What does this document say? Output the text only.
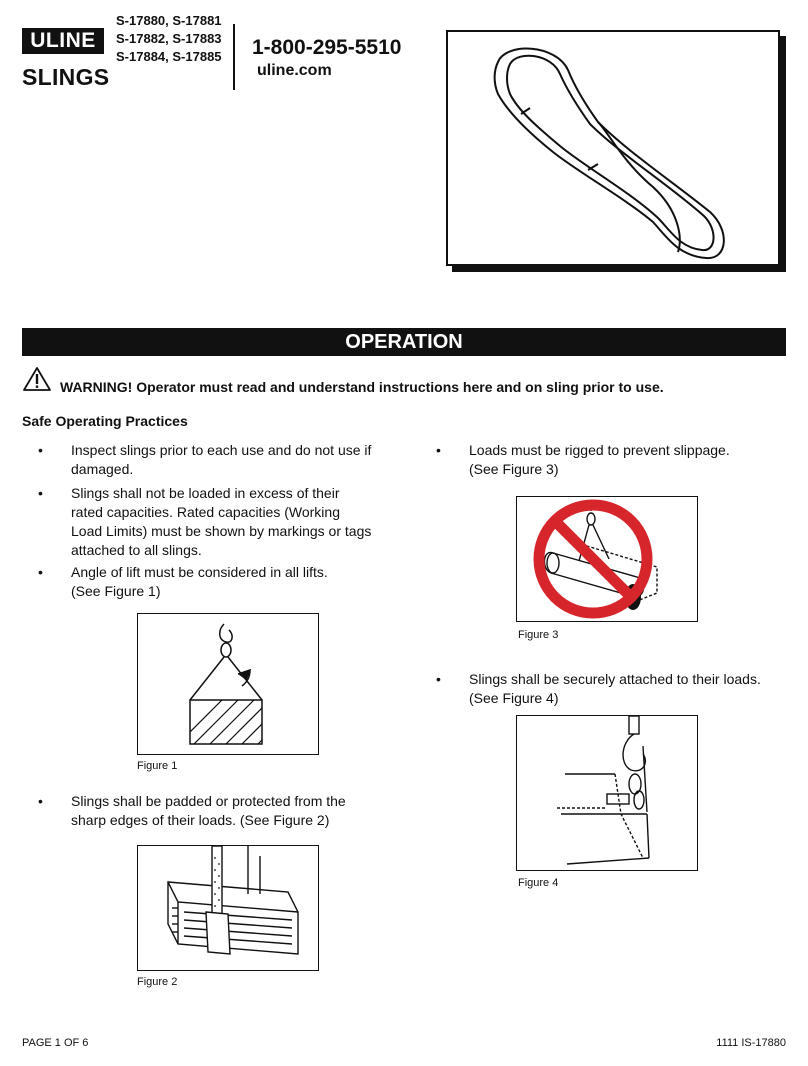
ULINE
SLINGS
S-17880, S-17881
S-17882, S-17883
S-17884, S-17885 1-800-295-5510
uline.com
OPERATION
WARNING! Operator must read and understand instructions here and on sling prior to use.
Safe Operating Practices
• Inspect slings prior to each use and do not use if
damaged.
• Slings shall not be loaded in excess of their
rated capacities. Rated capacities (Working
Load Limits) must be shown by markings or tags
attached to all slings.
• Angle of lift must be considered in all lifts.
(See Figure 1)
Figure 1
• Slings shall be padded or protected from the
sharp edges of their loads. (See Figure 2)
Figure 2
• Loads must be rigged to prevent slippage.
(See Figure 3)
Figure 3
• Slings shall be securely attached to their loads.
(See Figure 4)
Figure 4
PAGE 1 OF 6	1111 IS-17880
